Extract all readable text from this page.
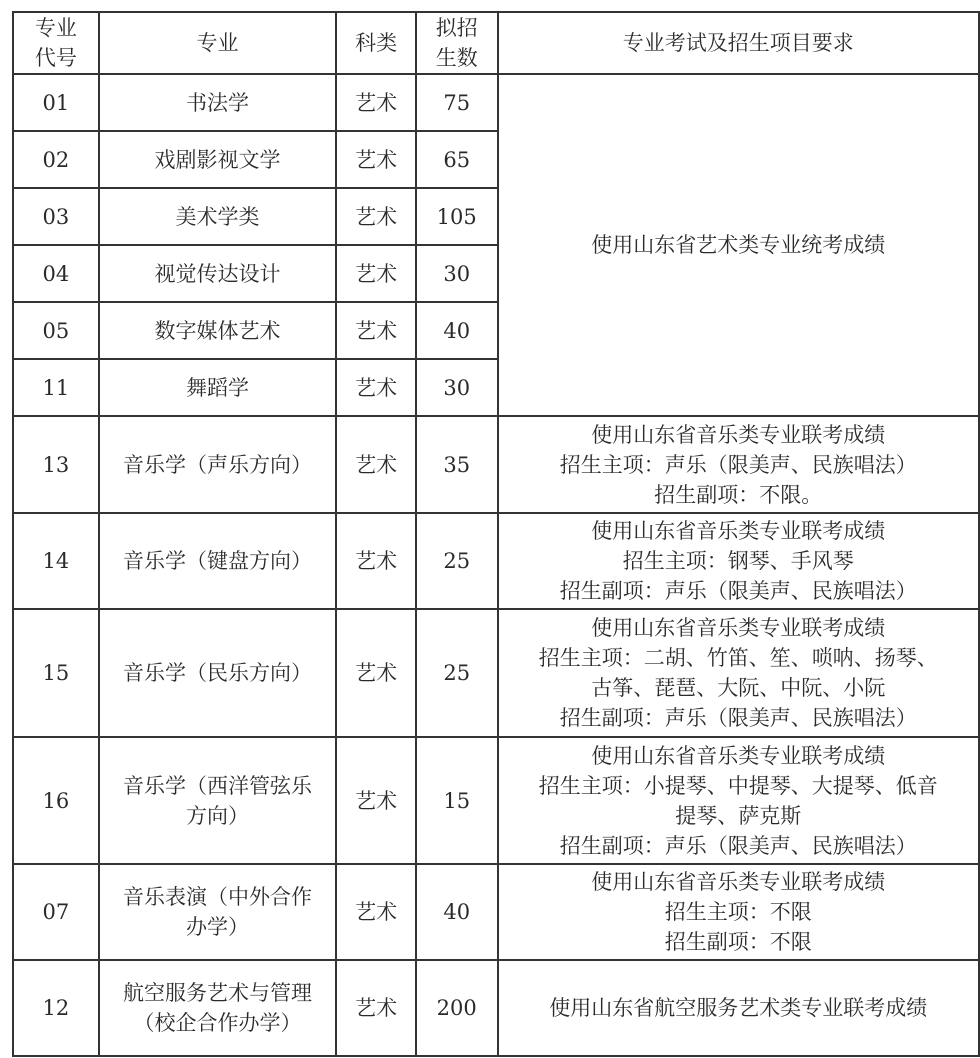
专业
代号	专业	科类	拟招
生数	专业考试及招生项目要求
01	书法学	艺术	75	使用山东省艺术类专业统考成绩
02	戏剧影视文学	艺术	65	
03	美术学类	艺术	105	
04	视觉传达设计	艺术	30	
05	数字媒体艺术	艺术	40	
11	舞蹈学	艺术	30	
13	音乐学（声乐方向）	艺术	35	使用山东省音乐类专业联考成绩
招生主项：声乐（限美声、民族唱法）
招生副项：不限。

14	音乐学（键盘方向）	艺术	25	使用山东省音乐类专业联考成绩
招生主项：钢琴、手风琴
招生副项：声乐（限美声、民族唱法）

15	音乐学（民乐方向）	艺术	25	使用山东省音乐类专业联考成绩
招生主项：二胡、竹笛、笙、唢呐、扬琴、
古筝、琵琶、大阮、中阮、小阮
招生副项：声乐（限美声、民族唱法）

16	音乐学（西洋管弦乐
方向）	艺术	15	使用山东省音乐类专业联考成绩
招生主项：小提琴、中提琴、大提琴、低音
提琴、萨克斯
招生副项：声乐（限美声、民族唱法）

07	音乐表演（中外合作
办学）	艺术	40	使用山东省音乐类专业联考成绩
招生主项：不限
招生副项：不限

12	航空服务艺术与管理
（校企合作办学）	艺术	200	使用山东省航空服务艺术类专业联考成绩
